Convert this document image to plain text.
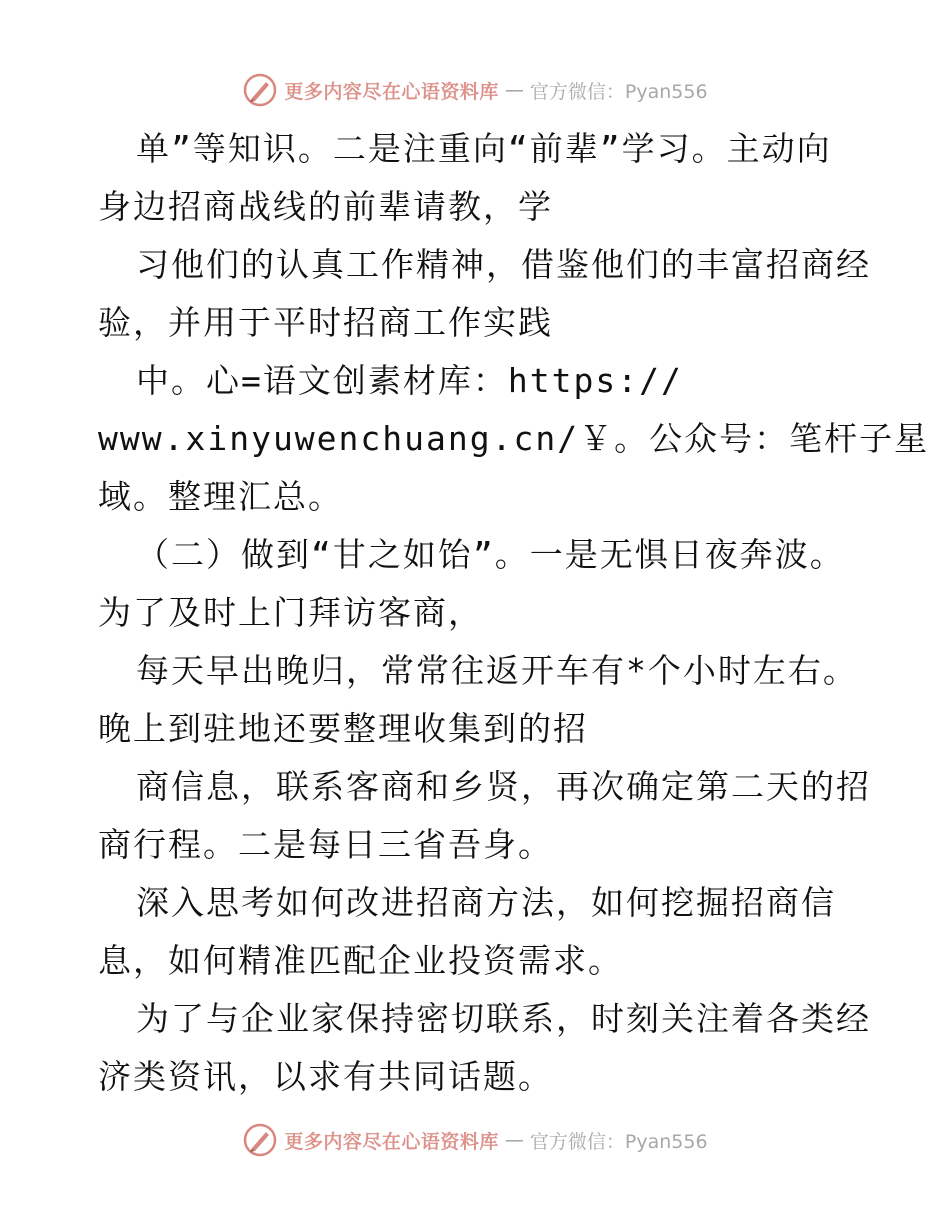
更多内容尽在心语资料库 — 官方微信：Pyan556
单”等知识。二是注重向“前辈”学习。主动向
身边招商战线的前辈请教，学
习他们的认真工作精神，借鉴他们的丰富招商经
验，并用于平时招商工作实践
中。心=语文创素材库：https://
www.xinyuwenchuang.cn/￥。公众号：笔杆子星
域。整理汇总。
（二）做到“甘之如饴”。一是无惧日夜奔波。
为了及时上门拜访客商，
每天早出晚归，常常往返开车有*个小时左右。
晚上到驻地还要整理收集到的招
商信息，联系客商和乡贤，再次确定第二天的招
商行程。二是每日三省吾身。
深入思考如何改进招商方法，如何挖掘招商信
息，如何精准匹配企业投资需求。
为了与企业家保持密切联系，时刻关注着各类经
济类资讯，以求有共同话题。
更多内容尽在心语资料库 — 官方微信：Pyan556
